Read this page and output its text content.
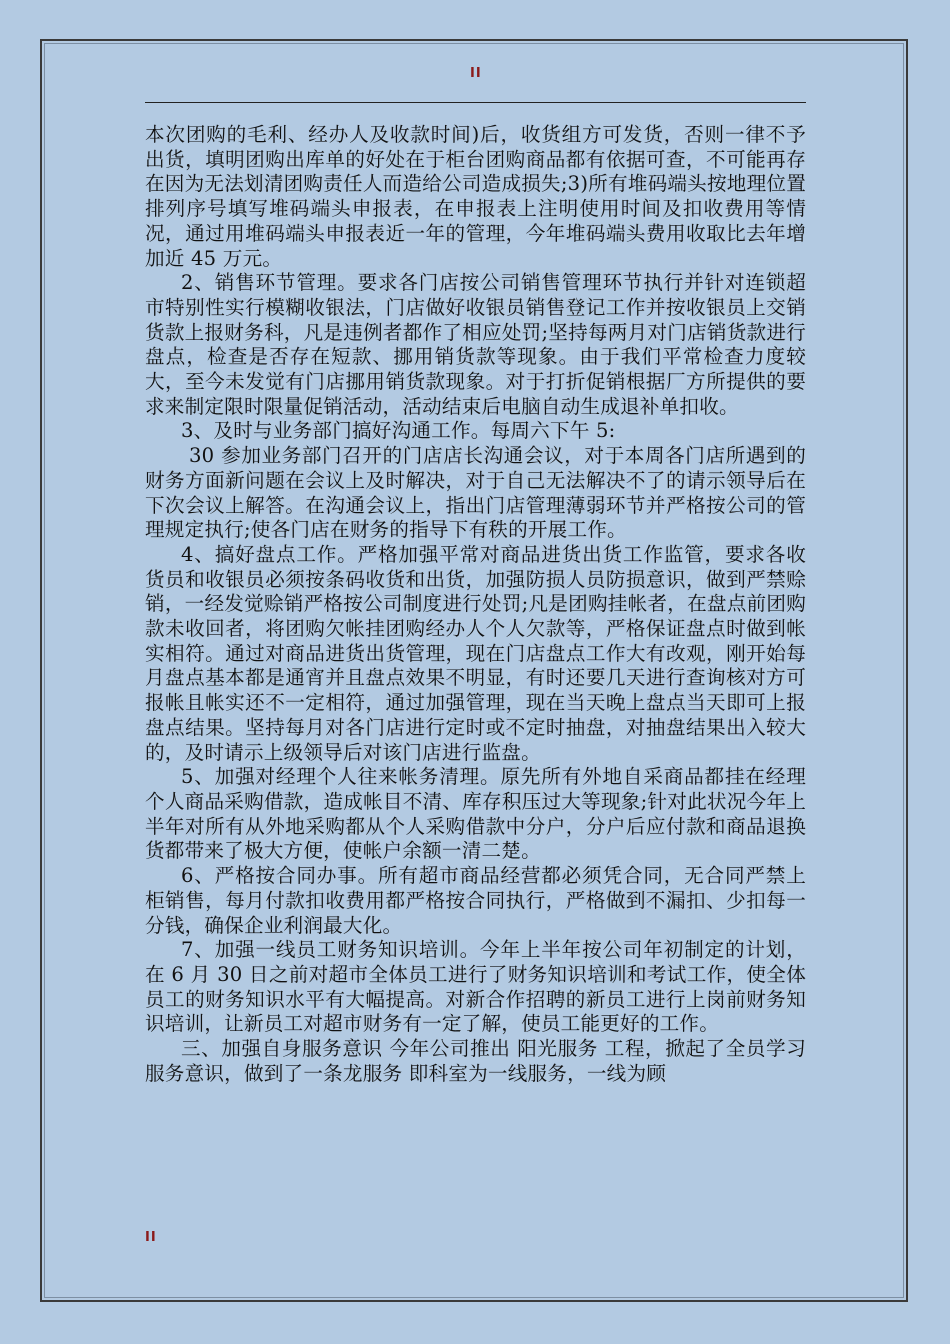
II

本次团购的毛利、经办人及收款时间)后，收货组方可发货，否则一律不予出货，填明团购出库单的好处在于柜台团购商品都有依据可查，不可能再存在因为无法划清团购责任人而造给公司造成损失;3)所有堆码端头按地理位置排列序号填写堆码端头申报表，在申报表上注明使用时间及扣收费用等情况，通过用堆码端头申报表近一年的管理，今年堆码端头费用收取比去年增加近 45 万元。

2、销售环节管理。要求各门店按公司销售管理环节执行并针对连锁超市特别性实行模糊收银法，门店做好收银员销售登记工作并按收银员上交销货款上报财务科，凡是违例者都作了相应处罚;坚持每两月对门店销货款进行盘点，检查是否存在短款、挪用销货款等现象。由于我们平常检查力度较大，至今未发觉有门店挪用销货款现象。对于打折促销根据厂方所提供的要求来制定限时限量促销活动，活动结束后电脑自动生成退补单扣收。

3、及时与业务部门搞好沟通工作。每周六下午 5:

30 参加业务部门召开的门店店长沟通会议，对于本周各门店所遇到的财务方面新问题在会议上及时解决，对于自己无法解决不了的请示领导后在下次会议上解答。在沟通会议上，指出门店管理薄弱环节并严格按公司的管理规定执行;使各门店在财务的指导下有秩的开展工作。

4、搞好盘点工作。严格加强平常对商品进货出货工作监管，要求各收货员和收银员必须按条码收货和出货，加强防损人员防损意识，做到严禁赊销，一经发觉赊销严格按公司制度进行处罚;凡是团购挂帐者，在盘点前团购款未收回者，将团购欠帐挂团购经办人个人欠款等，严格保证盘点时做到帐实相符。通过对商品进货出货管理，现在门店盘点工作大有改观，刚开始每月盘点基本都是通宵并且盘点效果不明显，有时还要几天进行查询核对方可报帐且帐实还不一定相符，通过加强管理，现在当天晚上盘点当天即可上报盘点结果。坚持每月对各门店进行定时或不定时抽盘，对抽盘结果出入较大的，及时请示上级领导后对该门店进行监盘。

5、加强对经理个人往来帐务清理。原先所有外地自采商品都挂在经理个人商品采购借款，造成帐目不清、库存积压过大等现象;针对此状况今年上半年对所有从外地采购都从个人采购借款中分户，分户后应付款和商品退换货都带来了极大方便，使帐户余额一清二楚。

6、严格按合同办事。所有超市商品经营都必须凭合同，无合同严禁上柜销售，每月付款扣收费用都严格按合同执行，严格做到不漏扣、少扣每一分钱，确保企业利润最大化。

7、加强一线员工财务知识培训。今年上半年按公司年初制定的计划，在 6 月 30 日之前对超市全体员工进行了财务知识培训和考试工作，使全体员工的财务知识水平有大幅提高。对新合作招聘的新员工进行上岗前财务知识培训，让新员工对超市财务有一定了解，使员工能更好的工作。

三、加强自身服务意识 今年公司推出 阳光服务 工程，掀起了全员学习服务意识，做到了一条龙服务 即科室为一线服务，一线为顾

II
